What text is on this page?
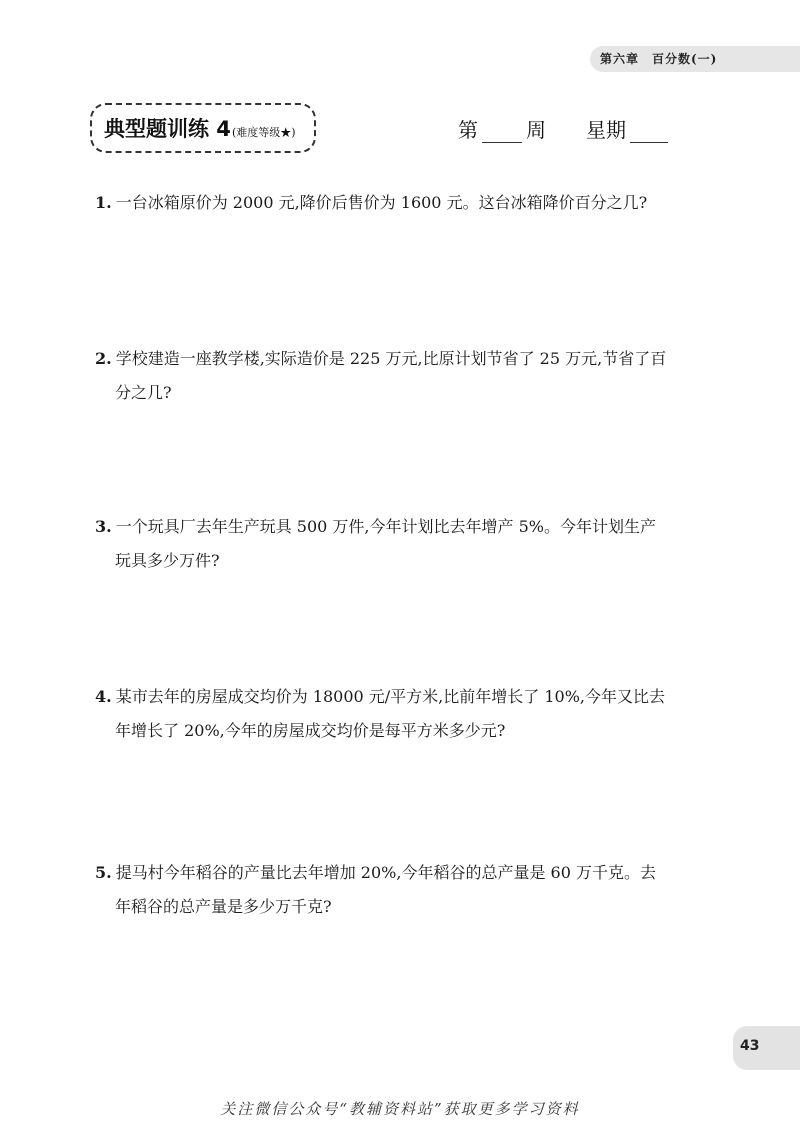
第六章　百分数(一)
典型题训练 4(难度等级★)	第 周 星期
1. 一台冰箱原价为 2000 元,降价后售价为 1600 元。这台冰箱降价百分之几?
2. 学校建造一座教学楼,实际造价是 225 万元,比原计划节省了 25 万元,节省了百
分之几?
3. 一个玩具厂去年生产玩具 500 万件,今年计划比去年增产 5%。今年计划生产
玩具多少万件?
4. 某市去年的房屋成交均价为 18000 元/平方米,比前年增长了 10%,今年又比去
年增长了 20%,今年的房屋成交均价是每平方米多少元?
5. 提马村今年稻谷的产量比去年增加 20%,今年稻谷的总产量是 60 万千克。去
年稻谷的总产量是多少万千克?
43
关注微信公众号“教辅资料站”获取更多学习资料
